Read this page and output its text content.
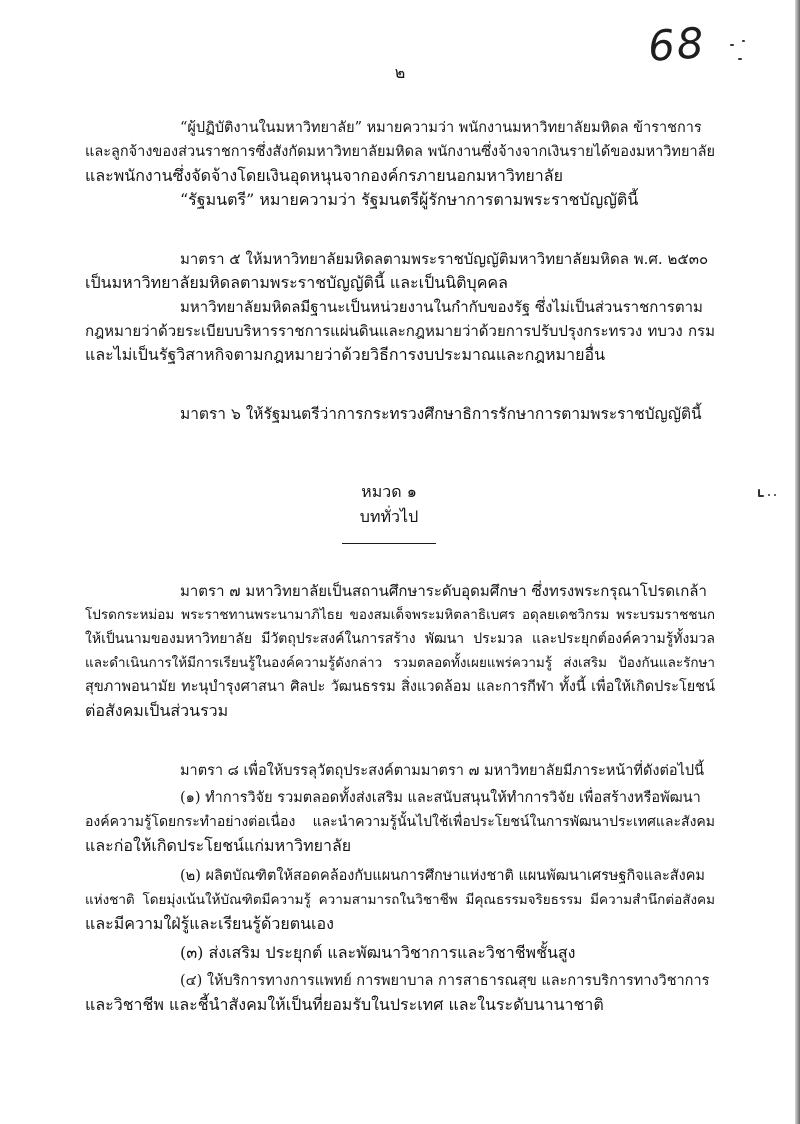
68
๒
“ผู้ปฏิบัติงานในมหาวิทยาลัย” หมายความว่า พนักงานมหาวิทยาลัยมหิดล ข้าราชการ
และลูกจ้างของส่วนราชการซึ่งสังกัดมหาวิทยาลัยมหิดล พนักงานซึ่งจ้างจากเงินรายได้ของมหาวิทยาลัย
และพนักงานซึ่งจัดจ้างโดยเงินอุดหนุนจากองค์กรภายนอกมหาวิทยาลัย
“รัฐมนตรี” หมายความว่า รัฐมนตรีผู้รักษาการตามพระราชบัญญัตินี้
มาตรา ๕ ให้มหาวิทยาลัยมหิดลตามพระราชบัญญัติมหาวิทยาลัยมหิดล พ.ศ. ๒๕๓๐
เป็นมหาวิทยาลัยมหิดลตามพระราชบัญญัตินี้ และเป็นนิติบุคคล
มหาวิทยาลัยมหิดลมีฐานะเป็นหน่วยงานในกำกับของรัฐ ซึ่งไม่เป็นส่วนราชการตาม
กฎหมายว่าด้วยระเบียบบริหารราชการแผ่นดินและกฎหมายว่าด้วยการปรับปรุงกระทรวง ทบวง กรม
และไม่เป็นรัฐวิสาหกิจตามกฎหมายว่าด้วยวิธีการงบประมาณและกฎหมายอื่น
มาตรา ๖ ให้รัฐมนตรีว่าการกระทรวงศึกษาธิการรักษาการตามพระราชบัญญัตินี้
หมวด ๑
บททั่วไป
มาตรา ๗ มหาวิทยาลัยเป็นสถานศึกษาระดับอุดมศึกษา ซึ่งทรงพระกรุณาโปรดเกล้า
โปรดกระหม่อม พระราชทานพระนามาภิไธย ของสมเด็จพระมหิตลาธิเบศร อดุลยเดชวิกรม พระบรมราชชนก
ให้เป็นนามของมหาวิทยาลัย มีวัตถุประสงค์ในการสร้าง พัฒนา ประมวล และประยุกต์องค์ความรู้ทั้งมวล
และดำเนินการให้มีการเรียนรู้ในองค์ความรู้ดังกล่าว รวมตลอดทั้งเผยแพร่ความรู้ ส่งเสริม ป้องกันและรักษา
สุขภาพอนามัย ทะนุบำรุงศาสนา ศิลปะ วัฒนธรรม สิ่งแวดล้อม และการกีฬา ทั้งนี้ เพื่อให้เกิดประโยชน์
ต่อสังคมเป็นส่วนรวม
มาตรา ๘ เพื่อให้บรรลุวัตถุประสงค์ตามมาตรา ๗ มหาวิทยาลัยมีภาระหน้าที่ดังต่อไปนี้
(๑) ทำการวิจัย รวมตลอดทั้งส่งเสริม และสนับสนุนให้ทำการวิจัย เพื่อสร้างหรือพัฒนา
องค์ความรู้โดยกระทำอย่างต่อเนื่อง และนำความรู้นั้นไปใช้เพื่อประโยชน์ในการพัฒนาประเทศและสังคม
และก่อให้เกิดประโยชน์แก่มหาวิทยาลัย
(๒) ผลิตบัณฑิตให้สอดคล้องกับแผนการศึกษาแห่งชาติ แผนพัฒนาเศรษฐกิจและสังคม
แห่งชาติ โดยมุ่งเน้นให้บัณฑิตมีความรู้ ความสามารถในวิชาชีพ มีคุณธรรมจริยธรรม มีความสำนึกต่อสังคม
และมีความใฝ่รู้และเรียนรู้ด้วยตนเอง
(๓) ส่งเสริม ประยุกต์ และพัฒนาวิชาการและวิชาชีพชั้นสูง
(๔) ให้บริการทางการแพทย์ การพยาบาล การสาธารณสุข และการบริการทางวิชาการ
และวิชาชีพ และชี้นำสังคมให้เป็นที่ยอมรับในประเทศ และในระดับนานาชาติ
